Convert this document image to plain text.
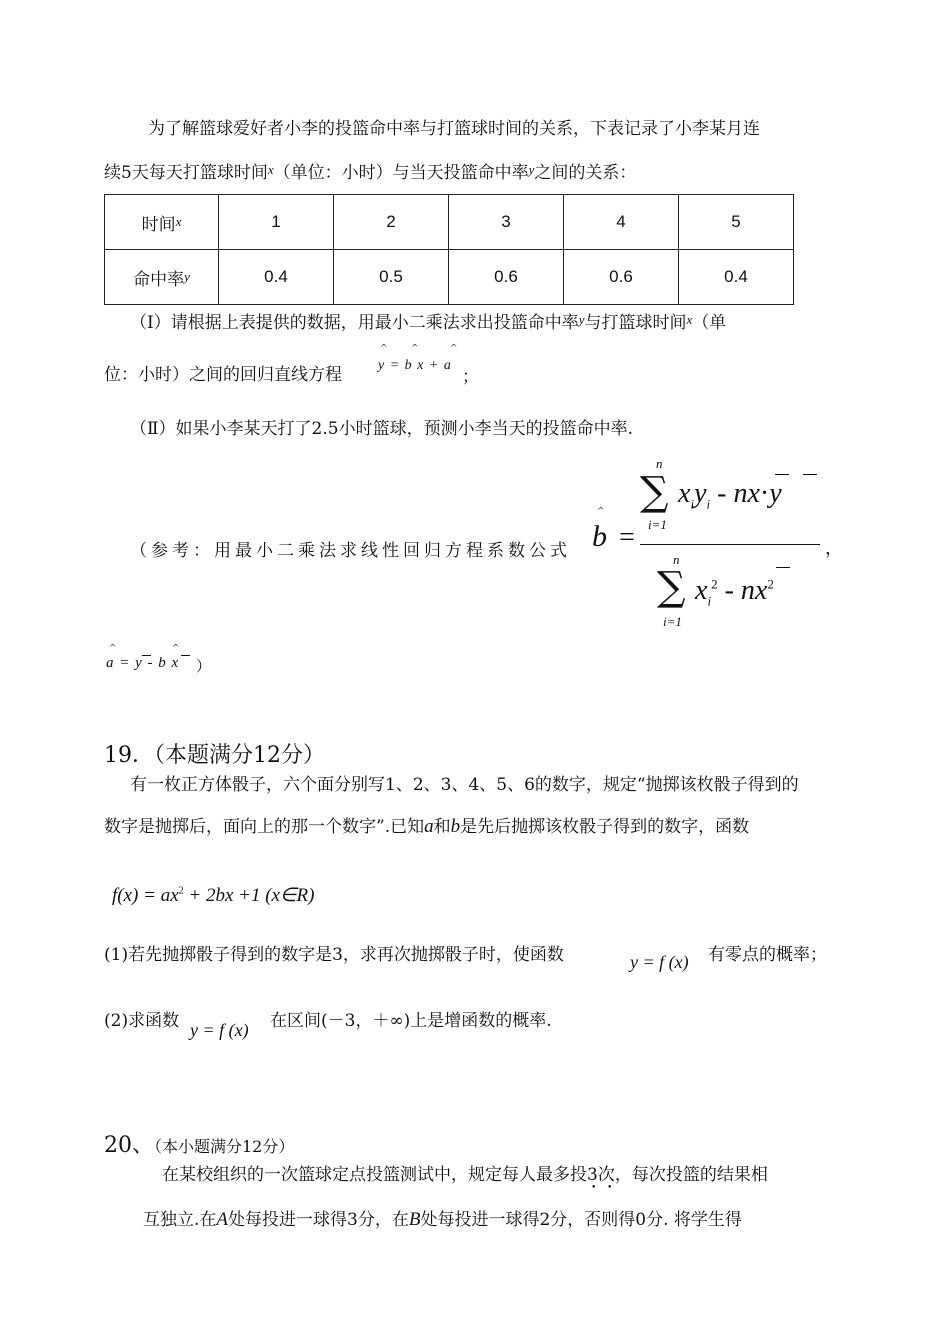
为了解篮球爱好者小李的投篮命中率与打篮球时间的关系，下表记录了小李某月连
续5天每天打篮球时间$^x$（单位：小时）与当天投篮命中率$^y$之间的关系：
时间$^x$	1	2	3	4	5
命中率$^y$	0.4	0.5	0.6	0.6	0.4
（Ⅰ）请根据上表提供的数据，用最小二乘法求出投篮命中率$^y$与打篮球时间$^x$（单
位：小时）之间的回归直线方程
^	^	^
y = b x + a
；
（Ⅱ）如果小李某天打了2.5小时篮球，预测小李当天的投篮命中率.
（参考：用最小二乘法求线性回归方程系数公式
^
b =
n
∑
i=1
$x_iy_i - nx\cdot y$
n
∑
i=1
$x_i^2 - nx^2$
，
^	^
a = y - b x ）
19．（本题满分12分）
有一枚正方体骰子，六个面分别写1、2、3、4、5、6的数字，规定“抛掷该枚骰子得到的
数字是抛掷后，面向上的那一个数字”.已知a和b是先后抛掷该枚骰子得到的数字，函数
$f(x) = ax^2 + 2bx +1$ (x∈R)
(1)若先抛掷骰子得到的数字是3，求再次抛掷骰子时，使函数	y = f (x) 有零点的概率；
(2)求函数 y = f (x) 在区间(－3，＋∞)上是增函数的概率.
20、（本小题满分12分）
在某校组织的一次篮球定点投篮测试中，规定每人最多投3次，每次投篮的结果相
• •
互独立.在A处每投进一球得3分，在B处每投进一球得2分，否则得0分. 将学生得
